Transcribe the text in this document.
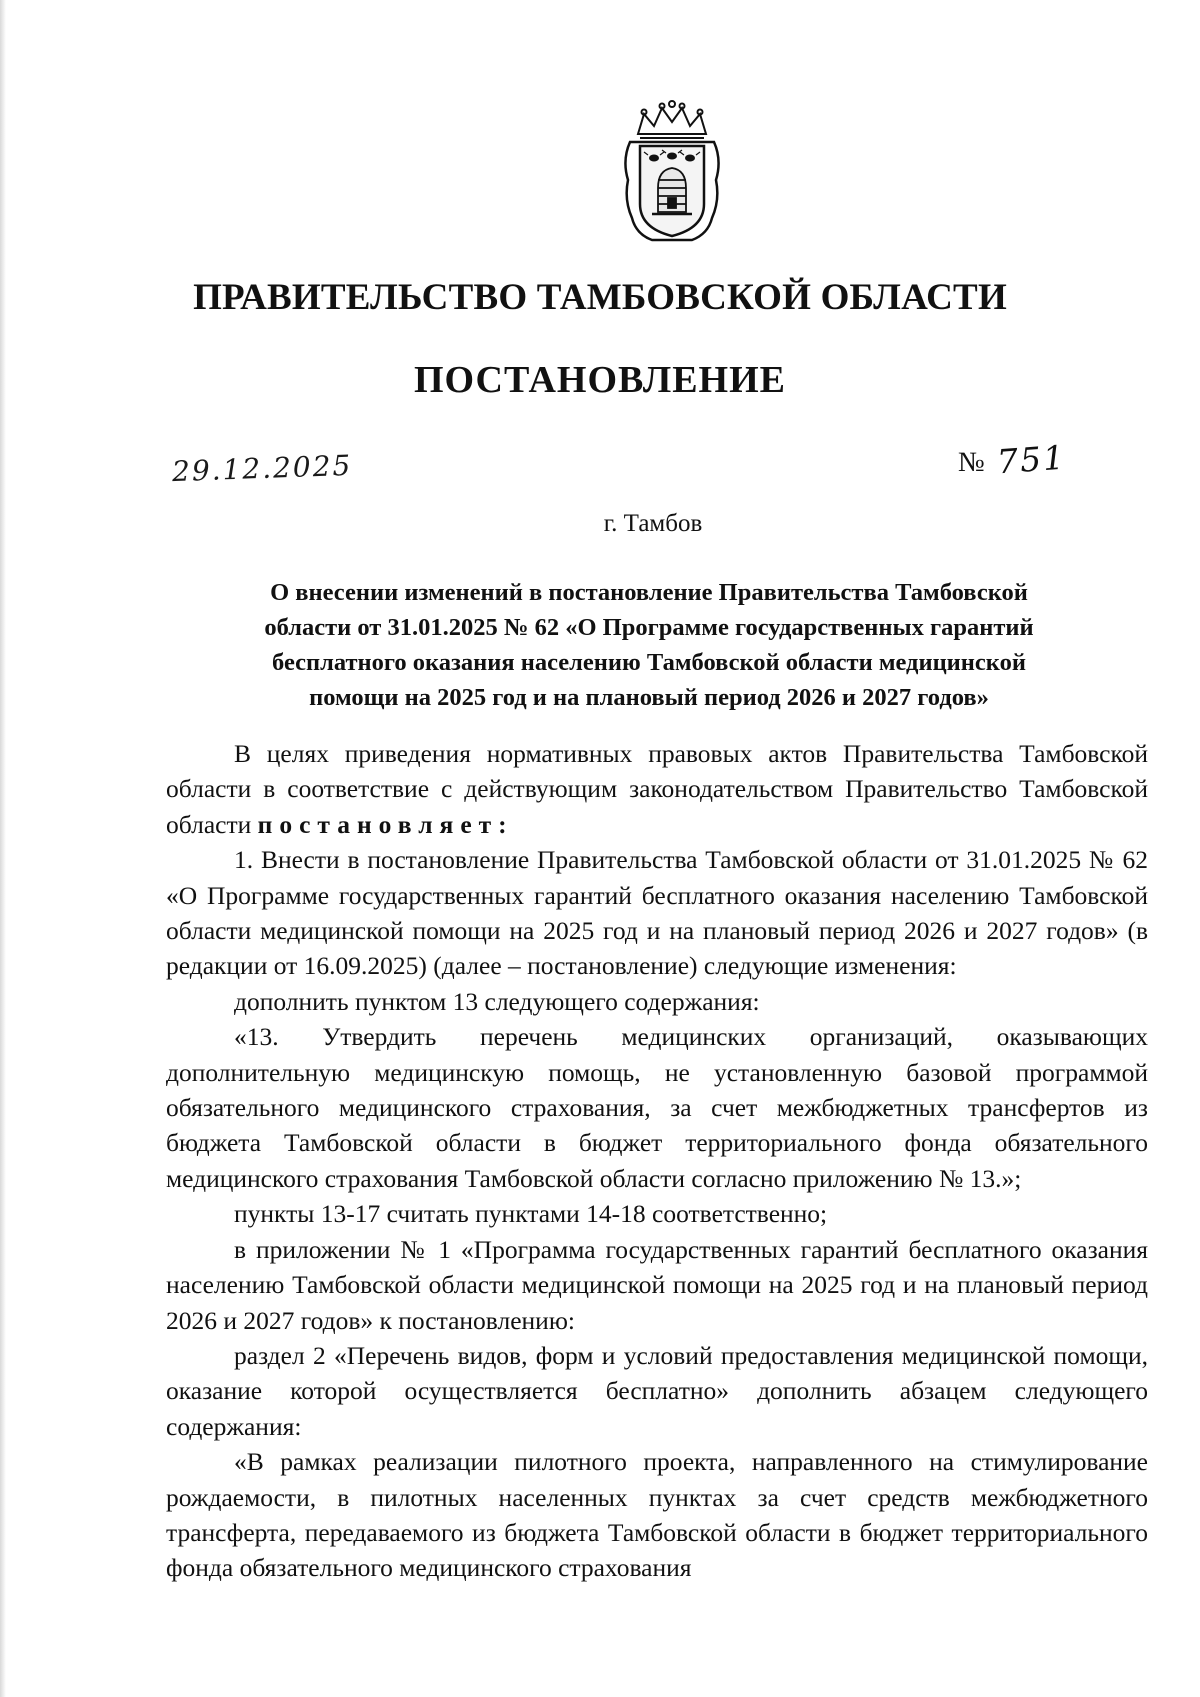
ПРАВИТЕЛЬСТВО ТАМБОВСКОЙ ОБЛАСТИ
ПОСТАНОВЛЕНИЕ
29.12.2025	№ 751
г. Тамбов
О внесении изменений в постановление Правительства Тамбовской
области от 31.01.2025 № 62 «О Программе государственных гарантий
бесплатного оказания населению Тамбовской области медицинской
помощи на 2025 год и на плановый период 2026 и 2027 годов»

В целях приведения нормативных правовых актов Правительства Тамбовской области в соответствие с действующим законодательством Правительство Тамбовской области постановляет:

1. Внести в постановление Правительства Тамбовской области от 31.01.2025 № 62 «О Программе государственных гарантий бесплатного оказания населению Тамбовской области медицинской помощи на 2025 год и на плановый период 2026 и 2027 годов» (в редакции от 16.09.2025) (далее – постановление) следующие изменения:

дополнить пунктом 13 следующего содержания:

«13. Утвердить перечень медицинских организаций, оказывающих дополнительную медицинскую помощь, не установленную базовой программой обязательного медицинского страхования, за счет межбюджетных трансфертов из бюджета Тамбовской области в бюджет территориального фонда обязательного медицинского страхования Тамбовской области согласно приложению № 13.»;

пункты 13-17 считать пунктами 14-18 соответственно;

в приложении № 1 «Программа государственных гарантий бесплатного оказания населению Тамбовской области медицинской помощи на 2025 год и на плановый период 2026 и 2027 годов» к постановлению:

раздел 2 «Перечень видов, форм и условий предоставления медицинской помощи, оказание которой осуществляется бесплатно» дополнить абзацем следующего содержания:

«В рамках реализации пилотного проекта, направленного на стимулирование рождаемости, в пилотных населенных пунктах за счет средств межбюджетного трансферта, передаваемого из бюджета Тамбовской области в бюджет территориального фонда обязательного медицинского страхования
